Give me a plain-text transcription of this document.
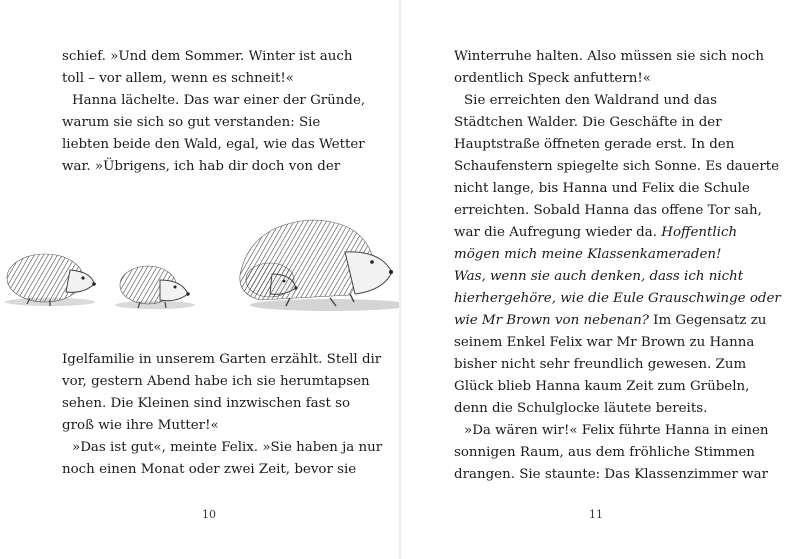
schief. »Und dem Sommer. Winter ist auch
toll – vor allem, wenn es schneit!«
Hanna lächelte. Das war einer der Gründe,
warum sie sich so gut verstanden: Sie
liebten beide den Wald, egal, wie das Wetter
war. »Übrigens, ich hab dir doch von der
Igelfamilie in unserem Garten erzählt. Stell dir
vor, gestern Abend habe ich sie herumtapsen
sehen. Die Kleinen sind inzwischen fast so
groß wie ihre Mutter!«
»Das ist gut«, meinte Felix. »Sie haben ja nur
noch einen Monat oder zwei Zeit, bevor sie
10
Winterruhe halten. Also müssen sie sich noch
ordentlich Speck anfuttern!«
Sie erreichten den Waldrand und das
Städtchen Walder. Die Geschäfte in der
Hauptstraße öffneten gerade erst. In den
Schaufenstern spiegelte sich Sonne. Es dauerte
nicht lange, bis Hanna und Felix die Schule
erreichten. Sobald Hanna das offene Tor sah,
war die Aufregung wieder da. Hoffentlich
mögen mich meine Klassenkameraden!
Was, wenn sie auch denken, dass ich nicht
hierhergehöre, wie die Eule Grauschwinge oder
wie Mr Brown von nebenan? Im Gegensatz zu
seinem Enkel Felix war Mr Brown zu Hanna
bisher nicht sehr freundlich gewesen. Zum
Glück blieb Hanna kaum Zeit zum Grübeln,
denn die Schulglocke läutete bereits.
»Da wären wir!« Felix führte Hanna in einen
sonnigen Raum, aus dem fröhliche Stimmen
drangen. Sie staunte: Das Klassenzimmer war
11
